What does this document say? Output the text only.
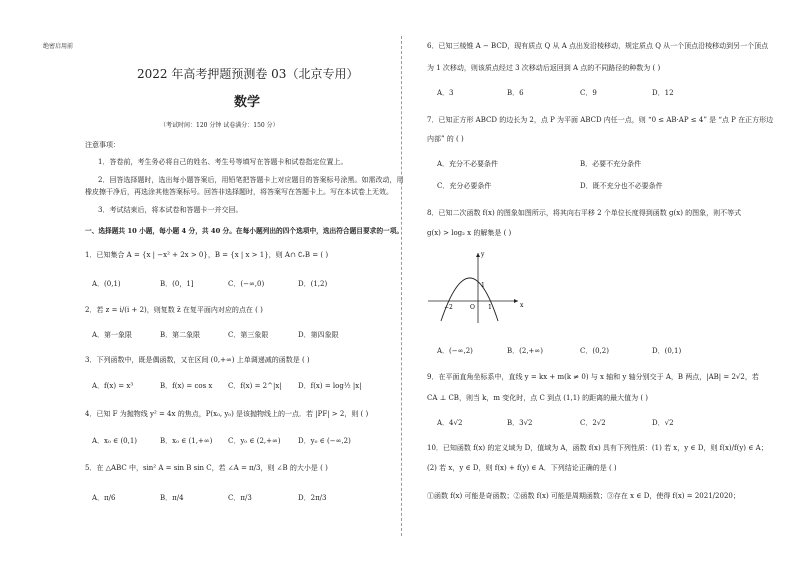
绝密启用前
2022 年高考押题预测卷 03（北京专用）
数学
（考试时间：120 分钟 试卷满分：150 分）
注意事项：
1．答卷前，考生务必将自己的姓名、考生号等填写在答题卡和试卷指定位置上。
2．回答选择题时，选出每小题答案后，用铅笔把答题卡上对应题目的答案标号涂黑。如需改动，用
橡皮擦干净后，再选涂其他答案标号。回答非选择题时，将答案写在答题卡上。写在本试卷上无效。
3．考试结束后，将本试卷和答题卡一并交回。
一、选择题共 10 小题，每小题 4 分，共 40 分。在每小题列出的四个选项中，选出符合题目要求的一项。
1．已知集合 A = {x | −x² + 2x > 0}，B = {x | x > 1}，则 A∩ ∁ᵣB = ( )
A．(0,1)	B．(0，1]	C．(−∞,0)	D．(1,2)
2．若 z = i/(i + 2)，则复数 z̄ 在复平面内对应的点在 ( )
A．第一象限	B．第二象限	C．第三象限	D．第四象限
3．下列函数中，既是偶函数，又在区间 (0,+∞) 上单调递减的函数是 ( )
A．f(x) = x³	B．f(x) = cos x C．f(x) = 2^|x| D．f(x) = log½ |x|
4．已知 F 为抛物线 y² = 4x 的焦点，P(x₀, y₀) 是该抛物线上的一点．若 |PF| > 2，则 ( )
A．x₀ ∈ (0,1)	B．x₀ ∈ (1,+∞) C．y₀ ∈ (2,+∞) D．y₀ ∈ (−∞,2)
5．在 △ABC 中，sin² A = sin B sin C，若 ∠A = π/3，则 ∠B 的大小是 ( )
A．π/6	B．π/4	C．π/3	D．2π/3
6．已知三棱锥 A − BCD，现有质点 Q 从 A 点出发沿棱移动，规定质点 Q 从一个顶点沿棱移动到另一个顶点
为 1 次移动，则该质点经过 3 次移动后返回到 A 点的不同路径的种数为 ( )
A．3	B．6	C．9	D．12
7．已知正方形 ABCD 的边长为 2，点 P 为平面 ABCD 内任一点，则 “0 ≤ AB·AP ≤ 4” 是 “点 P 在正方形边
内部” 的 ( )
A．充分不必要条件	B．必要不充分条件
C．充分必要条件	D．既不充分也不必要条件
8．已知二次函数 f(x) 的图象如图所示，将其向右平移 2 个单位长度得到函数 g(x) 的图象，则不等式
g(x) > log₂ x 的解集是 ( )
x
y
−2	O 1
1
A．(−∞,2)	B．(2,+∞)	C．(0,2)	D．(0,1)
9．在平面直角坐标系中，直线 y = kx + m(k ≠ 0) 与 x 轴和 y 轴分别交于 A，B 两点，|AB| = 2√2，若
CA ⊥ CB，则当 k，m 变化时，点 C 到点 (1,1) 的距离的最大值为 ( )
A．4√2	B．3√2	C．2√2	D．√2
10．已知函数 f(x) 的定义域为 D，值域为 A，函数 f(x) 具有下列性质：(1) 若 x，y ∈ D，则 f(x)/f(y) ∈ A；
(2) 若 x，y ∈ D，则 f(x) + f(y) ∈ A．下列结论正确的是 ( )
①函数 f(x) 可能是奇函数；②函数 f(x) 可能是周期函数；③存在 x ∈ D，使得 f(x) = 2021/2020；
